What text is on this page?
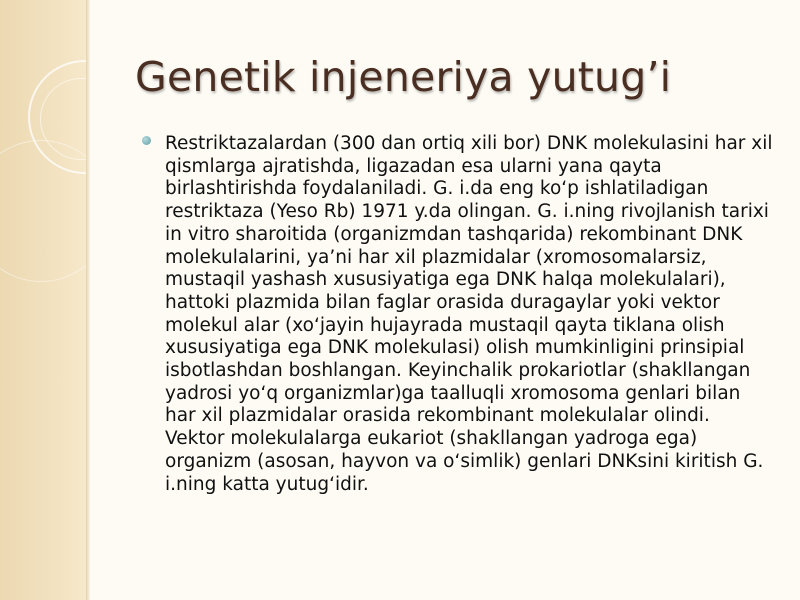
Genetik injeneriya yutug’i

Restriktazalardan (300 dan ortiq xili bor) DNK molekulasini har xil qismlarga ajratishda, ligazadan esa ularni yana qayta birlashtirishda foydalaniladi. G. i.da eng ko‘p ishlatiladigan restriktaza (Yeso Rb) 1971 y.da olingan. G. i.ning rivojlanish tarixi in vitro sharoitida (organizmdan tashqarida) rekombinant DNK molekulalarini, ya’ni har xil plazmidalar (xromosomalarsiz, mustaqil yashash xususiyatiga ega DNK halqa molekulalari), hattoki plazmida bilan faglar orasida duragaylar yoki vektor molekul alar (xo‘jayin hujayrada mustaqil qayta tiklana olish xususiyatiga ega DNK molekulasi) olish mumkinligini prinsipial isbotlashdan boshlangan. Keyinchalik prokariotlar (shakllangan yadrosi yo‘q organizmlar)ga taalluqli xromosoma genlari bilan har xil plazmidalar orasida rekombinant molekulalar olindi. Vektor molekulalarga eukariot (shakllangan yadroga ega) organizm (asosan, hayvon va o‘simlik) genlari DNKsini kiritish G. i.ning katta yutug‘idir.
